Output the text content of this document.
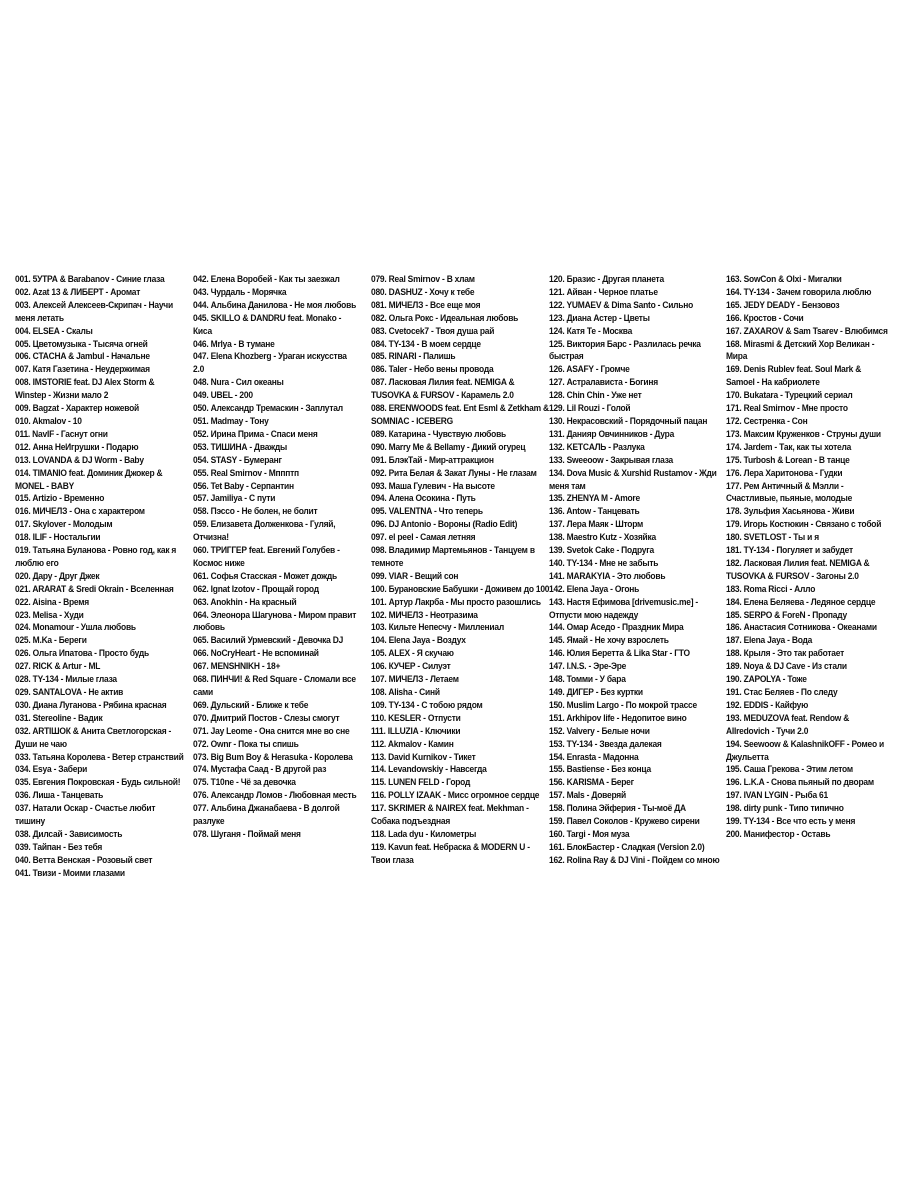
001. 5УТРА & Barabanov - Синие глаза

002. Azat 13 & ЛИБЕРТ - Аромат

003. Алексей Алексеев-Скрипач - Научи меня летать

004. ELSEA - Скалы

005. Цветомузыка - Тысяча огней

006. CTACHA & Jambul - Начальне

007. Катя Газетина - Неудержимая

008. IMSTORIE feat. DJ Alex Storm & Winstep - Жизни мало 2

009. Bagzat - Характер ножевой

010. Akmalov - 10

011. NavIF - Гаснут огни

012. Анна НеИгрушки - Подарю

013. LOVANDA & DJ Worm - Baby

014. TIMANIO feat. Доминик Джокер & MONEL - BABY

015. Artizio - Временно

016. МИЧЕЛЗ - Она с характером

017. Skylover - Молодым

018. ILIF - Ностальгии

019. Татьяна Буланова - Ровно год, как я люблю его

020. Дару - Друг Джек

021. ARARAT & Sredi Okrain - Вселенная

022. Aisina - Время

023. Melisa - Худи

024. Monamour - Ушла любовь

025. M.Ka - Береги

026. Ольга Ипатова - Просто будь

027. RICK & Artur - ML

028. TY-134 - Милые глаза

029. SANTALOVA - Не актив

030. Диана Луганова - Рябина красная

031. Stereoline - Вадик

032. ARTIШОК & Анита Светлогорская - Души не чаю

033. Татьяна Королева - Ветер странствий

034. Esya - Забери

035. Евгения Покровская - Будь сильной!

036. Лиша - Танцевать

037. Натали Оскар - Счастье любит тишину

038. Дилсай - Зависимость

039. Тайпан - Без тебя

040. Ветта Венская - Розовый свет

041. Твизи - Моими глазами

042. Елена Воробей - Как ты заезжал

043. Чурдаль - Морячка

044. Альбина Данилова - Не моя любовь

045. SKILLO & DANDRU feat. Monako - Киса

046. Mrlya - В тумане

047. Elena Khozberg - Ураган искусства 2.0

048. Nura - Сил океаны

049. UBEL - 200

050. Александр Тремаскин - Заплутал

051. Madmay - Тону

052. Ирина Прима - Спаси меня

053. ТИШИНА - Дважды

054. STASY - Бумеранг

055. Real Smirnov - Мппптп

056. Tet Baby - Серпантин

057. Jamiliya - С пути

058. Пэссо - Не болен, не болит

059. Елизавета Долженкова - Гуляй, Отчизна!

060. ТРИГГЕР feat. Евгений Голубев - Космос нижe

061. Софья Стасская - Может дождь

062. Ignat Izotov - Прощай город

063. Anokhin - На красный

064. Элеонора Шагунова - Миром правит любовь

065. Василий Урмевский - Девочка DJ

066. NoCryHeart - Не вспоминай

067. MENSHNIKH - 18+

068. ПИНЧИ! & Red Square - Сломали все сами

069. Дульский - Ближе к тебе

070. Дмитрий Постов - Слезы смогут

071. Jay Leome - Она снится мне во сне

072. Ownr - Пока ты спишь

073. Big Bum Boy & Herasuka - Королева

074. Мустафа Саад - В другой раз

075. T10ne - Чё за девочка

076. Александр Ломов - Любовная месть

077. Альбина Джанабаева - В долгой разлуке

078. Шуганя - Поймай меня

079. Real Smirnov - В хлам

080. DASHUZ - Хочу к тебе

081. МИЧЕЛЗ - Все еще моя

082. Ольга Рокс - Идеальная любовь

083. Cvetocek7 - Твоя душа рай

084. TY-134 - В моем сердце

085. RINARI - Палишь

086. Taler - Небо вены провода

087. Ласковая Лилия feat. NEMIGA & TUSOVKA & FURSOV - Карамель 2.0

088. ERENWOODS feat. Ent Esml & Zetkham & SOMNIAC - ICEBERG

089. Катарина - Чувствую любовь

090. Marry Me & Bellamy - Дикий огурец

091. БлэкТай - Мир-аттракцион

092. Рита Белая & Закат Луны - Не глазам

093. Маша Гулевич - На высоте

094. Алена Осокина - Путь

095. VALENTNA - Что теперь

096. DJ Antonio - Вороны (Radio Edit)

097. el peel - Самая летняя

098. Владимир Мартемьянов - Танцуем в темноте

099. VIAR - Вещий сон

100. Бурановские Бабушки - Доживем до 100

101. Артур Лакрба - Мы просто разошлись

102. МИЧЕЛЗ - Неотразима

103. Кильте Непесчу - Миллениал

104. Elena Jaya - Воздух

105. ALEX - Я скучаю

106. КУЧЕР - Силуэт

107. МИЧЕЛЗ - Летаем

108. Alisha - Синй

109. TY-134 - С тобою рядом

110. KESLER - Отпусти

111. ILLUZIA - Ключики

112. Akmalov - Камин

113. David Kurnikov - Тикет

114. Levandowskiy - Навсегда

115. LUNEN FELD - Город

116. POLLY IZAAK - Мисс огромное сердце

117. SKRIMER & NAIREX feat. Mekhman - Собака подъездная

118. Lada dyu - Километры

119. Kavun feat. Небраска & MODERN U - Твои глаза

120. Бразис - Другая планета

121. Айван - Черное платье

122. YUMAEV & Dima Santo - Сильно

123. Диана Астер - Цветы

124. Катя Те - Москва

125. Виктория Барс - Разлилась речка быстрая

126. ASAFY - Громче

127. Астралависта - Богиня

128. Chin Chin - Уже нет

129. Lil Rouzi - Голой

130. Некрасовский - Порядочный пацан

131. Данияр Овчинников - Дура

132. KETCAЛЬ - Разлука

133. Sweeoow - Закрывая глаза

134. Dova Music & Xurshid Rustamov - Жди меня там

135. ZHENYA M - Amore

136. Antow - Танцевать

137. Лера Маяк - Шторм

138. Maestro Kutz - Хозяйка

139. Svetok Cake - Подруга

140. TY-134 - Мне не забыть

141. MARAKYIA - Это любовь

142. Elena Jaya - Огонь

143. Настя Ефимова [drivemusic.me] - Отпусти мою надежду

144. Омар Аседо - Праздник Мира

145. Ямай - Не хочу взрослеть

146. Юлия Беретта & Lika Star - ГТО

147. I.N.S. - Эре-Эре

148. Томми - У бара

149. ДИГЕР - Без куртки

150. Muslim Largo - По мокрой трассе

151. Arkhipov life - Недопитое вино

152. Valvery - Белые ночи

153. TY-134 - Звезда далекая

154. Enrasta - Мадонна

155. Bastiense - Без конца

156. KARISMA - Берег

157. Mals - Доверяй

158. Полина Эйферия - Ты-моё ДА

159. Павел Соколов - Кружево сирени

160. Targi - Моя муза

161. БлокБастер - Сладкая (Version 2.0)

162. Rolina Ray & DJ Vini - Пойдем со мною

163. SowCon & Olxi - Мигалки

164. TY-134 - Зачем говорила люблю

165. JEDY DEADY - Бензовоз

166. Кростов - Сочи

167. ZAXAROV & Sam Tsarev - Влюбимся

168. Mirasmi & Детский Хор Великан - Мира

169. Denis Rublev feat. Soul Mark & Samoel - На кабриолете

170. Bukatara - Турецкий сериал

171. Real Smirnov - Мне просто

172. Сестренка - Сон

173. Максим Круженков - Струны души

174. Jardem - Так, как ты хотела

175. Turbosh & Lorean - В танце

176. Лера Харитонова - Гудки

177. Рем Античный & Мэлли - Счастливые, пьяные, молодые

178. Зульфия Хасьянова - Живи

179. Игорь Костюкин - Связано с тобой

180. SVETLOST - Ты и я

181. TY-134 - Погуляет и забудет

182. Ласковая Лилия feat. NEMIGA & TUSOVKA & FURSOV - Загоны 2.0

183. Roma Ricci - Алло

184. Елена Беляева - Ледяное сердце

185. SERPO & ForeN - Пропаду

186. Анастасия Сотникова - Океанами

187. Elena Jaya - Вода

188. Крыля - Это так работает

189. Noya & DJ Cave - Из стали

190. ZAPOLYA - Тоже

191. Стас Беляев - По следу

192. EDDIS - Кайфую

193. MEDUZOVA feat. Rendow & Allredovich - Тучи 2.0

194. Seewoow & KalashnikOFF - Ромео и Джульетта

195. Саша Грекова - Этим летом

196. L.K.A - Снова пьяный по дворам

197. IVAN LYGIN - Рыба 61

198. dirty punk - Типо типично

199. TY-134 - Все что есть у меня

200. Манифестор - Оставь
